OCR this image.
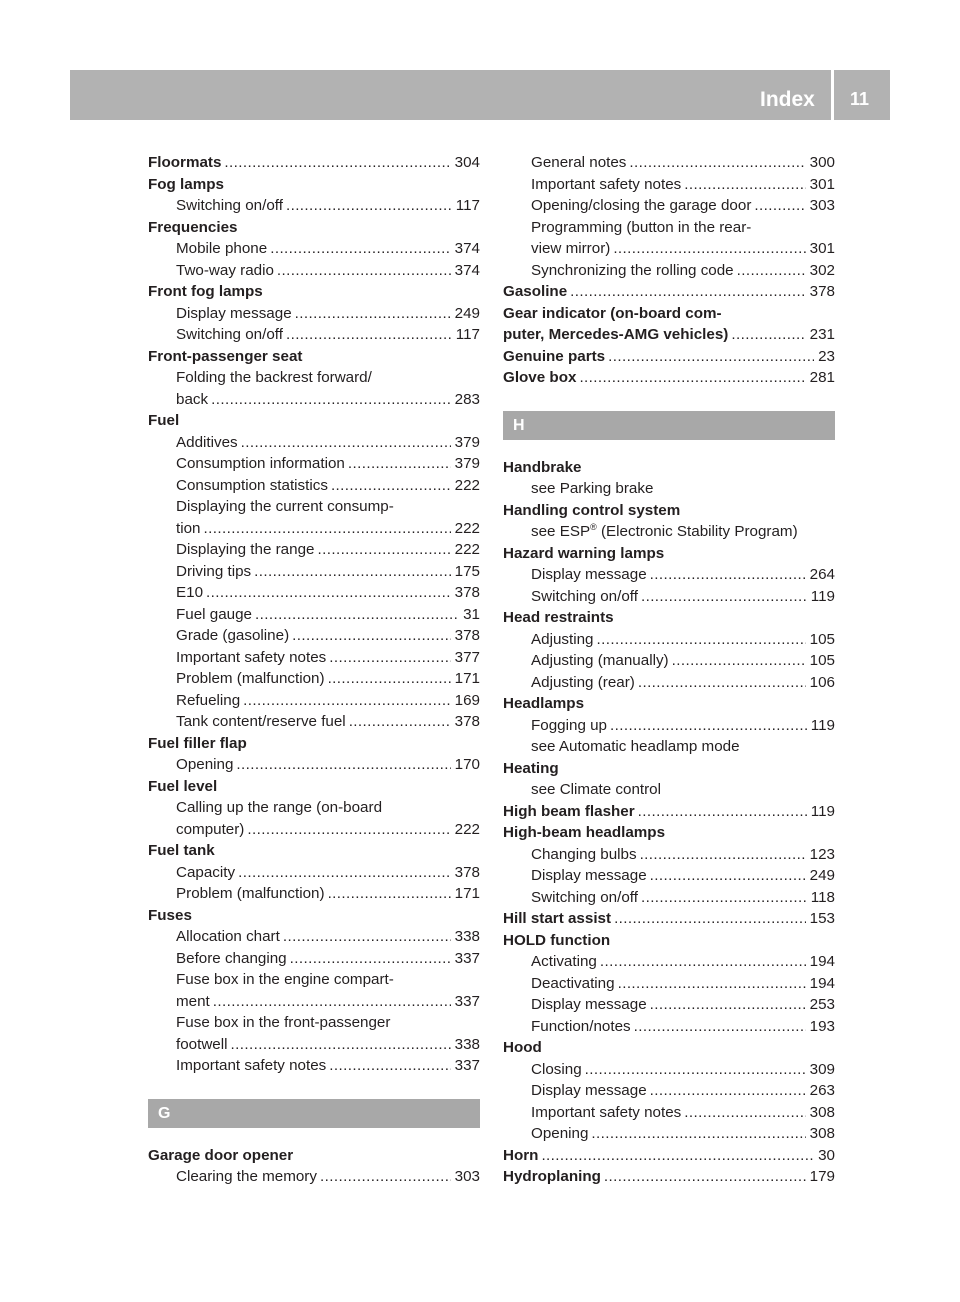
Index 11
Floormats .....	304
Fog lamps
Switching on/off .....	117
Frequencies
Mobile phone .....	374
Two-way radio .....	374
Front fog lamps
Display message .....	249
Switching on/off .....	117
Front-passenger seat
Folding the backrest forward/
back .....	283
Fuel
Additives .....	379
Consumption information .....	379
Consumption statistics .....	222
Displaying the current consump-
tion .....	222
Displaying the range .....	222
Driving tips .....	175
E10 .....	378
Fuel gauge .....	31
Grade (gasoline) .....	378
Important safety notes .....	377
Problem (malfunction) .....	171
Refueling .....	169
Tank content/reserve fuel .....	378
Fuel filler flap
Opening .....	170
Fuel level
Calling up the range (on-board
computer) .....	222
Fuel tank
Capacity .....	378
Problem (malfunction) .....	171
Fuses
Allocation chart .....	338
Before changing .....	337
Fuse box in the engine compart-
ment .....	337
Fuse box in the front-passenger
footwell .....	338
Important safety notes .....	337
G
Garage door opener
Clearing the memory .....	303
General notes .....	300
Important safety notes .....	301
Opening/closing the garage door .....	303
Programming (button in the rear-
view mirror) .....	301
Synchronizing the rolling code .....	302
Gasoline .....	378
Gear indicator (on-board com-
puter, Mercedes-AMG vehicles) .....	231
Genuine parts .....	23
Glove box .....	281
H
Handbrake
see Parking brake
Handling control system
see ESP® (Electronic Stability Program)
Hazard warning lamps
Display message .....	264
Switching on/off .....	119
Head restraints
Adjusting .....	105
Adjusting (manually) .....	105
Adjusting (rear) .....	106
Headlamps
Fogging up .....	119
see Automatic headlamp mode
Heating
see Climate control
High beam flasher .....	119
High-beam headlamps
Changing bulbs .....	123
Display message .....	249
Switching on/off .....	118
Hill start assist .....	153
HOLD function
Activating .....	194
Deactivating .....	194
Display message .....	253
Function/notes .....	193
Hood
Closing .....	309
Display message .....	263
Important safety notes .....	308
Opening .....	308
Horn .....	30
Hydroplaning .....	179
